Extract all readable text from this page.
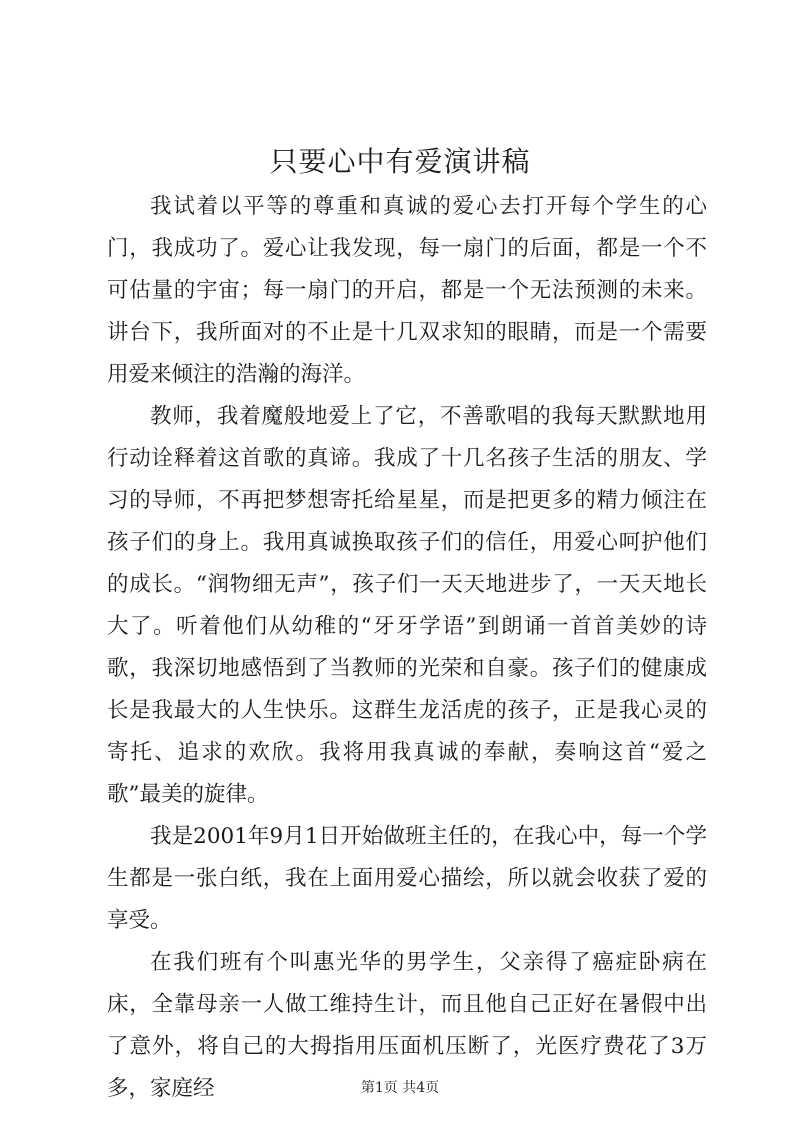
只要心中有爱演讲稿

我试着以平等的尊重和真诚的爱心去打开每个学生的心门，我成功了。爱心让我发现，每一扇门的后面，都是一个不可估量的宇宙；每一扇门的开启，都是一个无法预测的未来。讲台下，我所面对的不止是十几双求知的眼睛，而是一个需要用爱来倾注的浩瀚的海洋。

教师，我着魔般地爱上了它，不善歌唱的我每天默默地用行动诠释着这首歌的真谛。我成了十几名孩子生活的朋友、学习的导师，不再把梦想寄托给星星，而是把更多的精力倾注在孩子们的身上。我用真诚换取孩子们的信任，用爱心呵护他们的成长。“润物细无声”，孩子们一天天地进步了，一天天地长大了。听着他们从幼稚的“牙牙学语”到朗诵一首首美妙的诗歌，我深切地感悟到了当教师的光荣和自豪。孩子们的健康成长是我最大的人生快乐。这群生龙活虎的孩子，正是我心灵的寄托、追求的欢欣。我将用我真诚的奉献，奏响这首“爱之歌”最美的旋律。

我是2001年9月1日开始做班主任的，在我心中，每一个学生都是一张白纸，我在上面用爱心描绘，所以就会收获了爱的享受。

在我们班有个叫惠光华的男学生，父亲得了癌症卧病在床，全靠母亲一人做工维持生计，而且他自己正好在暑假中出了意外，将自己的大拇指用压面机压断了，光医疗费花了3万多，家庭经	第1页 共4页
